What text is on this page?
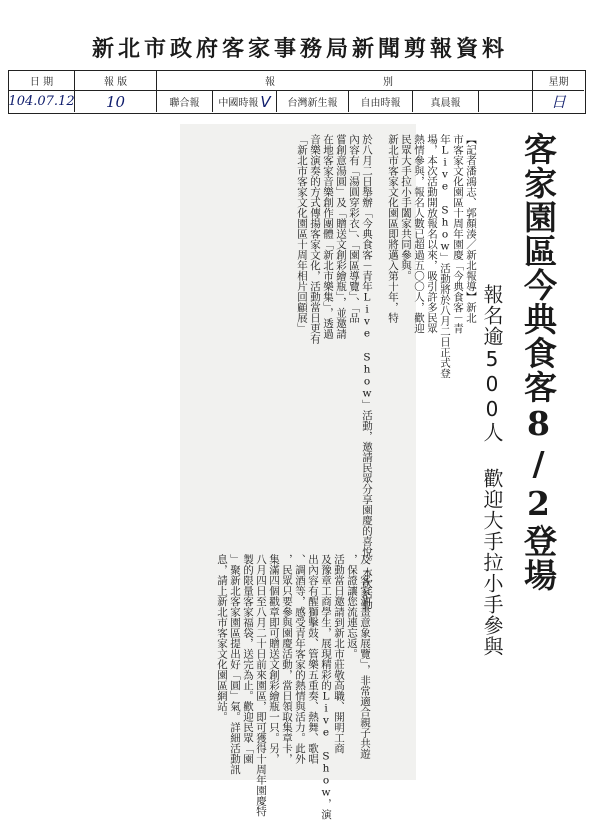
新北市政府客家事務局新聞剪報資料
日 期	報 版	報	別	星期
104.07.12	10	聯合報	中國時報 V	台灣新生報	自由時報	真晨報	日
客家園區今典食客8/2登場
報名逾500人 歡迎大手拉小手參與
【記者潘鴻志、郭顏湊／新北報導】新北
市客家文化園區十周年園慶「今典食客－青
年Live Show」活動將於八月二日正式登
場，本次活動開放報名以來，吸引許多民眾
熱情參與，報名人數已超過五〇〇人，歡迎
民眾大手拉小手闔家共同參與。
新北市客家文化園區即將邁入第十年，特
於八月二日舉辦「今典食客－青年Live Show」活動，邀請民眾分享園慶的喜悅。本次活動
內容有「湯圓穿彩衣」、「園區導覽」、「品
嘗創意湯圓」及「贈送文創彩繪瓶」，並邀請
在地客家音樂創作團體「新北市樂集」，透過
音樂演奏的方式傳揚客家文化，活動當日更有
「新北市客家文化園區十周年相片回顧展」
及「客家油畫意象展覽」，非常適合親子共遊
，保證讓您流連忘返。
活動當日邀請到新北市莊敬高職、開明工商
及豫章工商學生，展現精彩的Live Show，演
出內容有醒獅擊鼓、管樂五重奏、熱舞、歌唱
、調酒等，感受青年客家的熱情與活力。此外
，民眾只要參與園慶活動，當日領取集章卡，
集滿四個戳章即可贈送文創彩繪瓶一只。另，
八月四日至八月二十日前來園區，即可獲得十周年園慶特
製的限量客家福袋，送完為止。歡迎民眾「園
」聚新北客家園區提出好「圓」氣。詳細活動訊
息，請上新北市客家文化園區網站。
